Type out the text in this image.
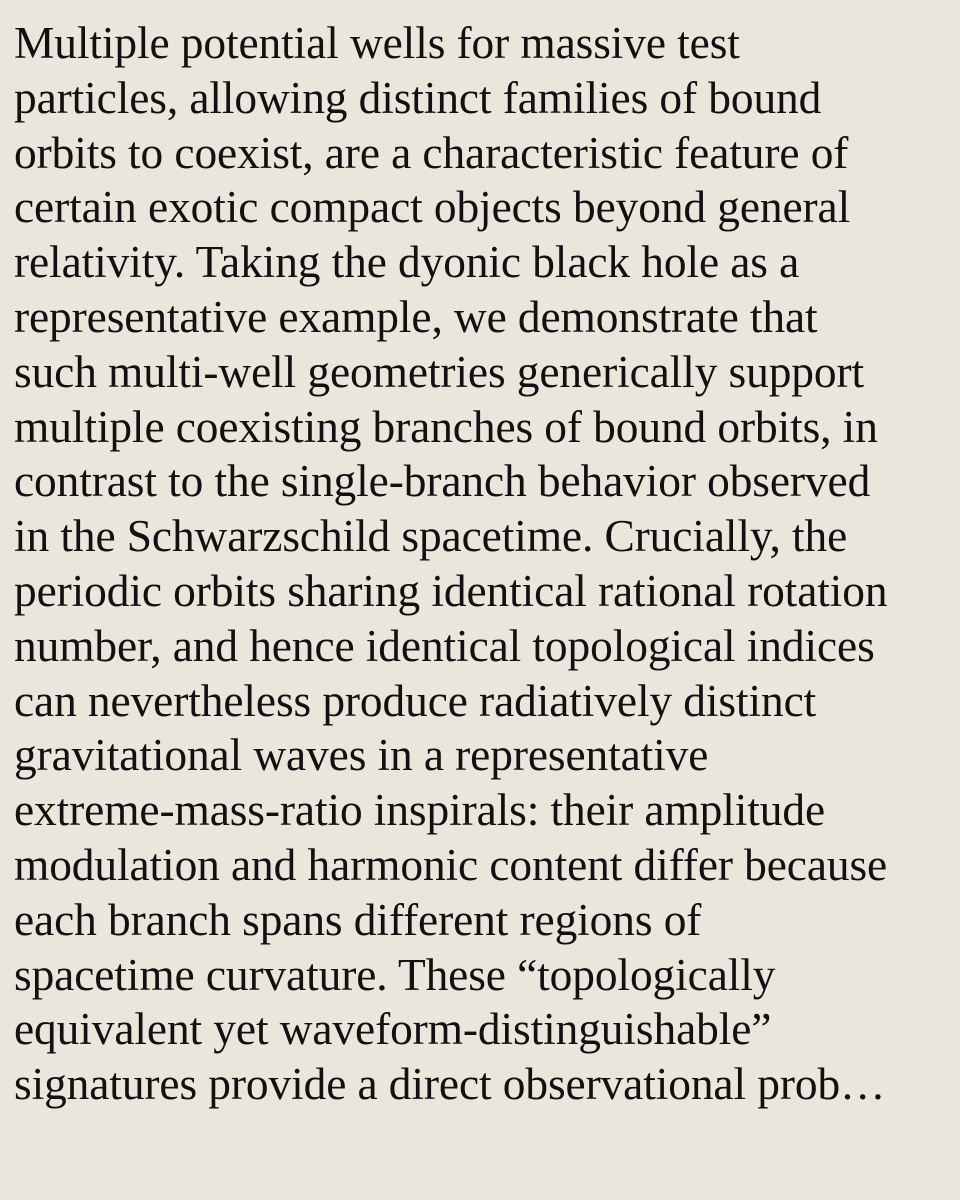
Multiple potential wells for massive test
particles, allowing distinct families of bound
orbits to coexist, are a characteristic feature of
certain exotic compact objects beyond general
relativity. Taking the dyonic black hole as a
representative example, we demonstrate that
such multi-well geometries generically support
multiple coexisting branches of bound orbits, in
contrast to the single-branch behavior observed
in the Schwarzschild spacetime. Crucially, the
periodic orbits sharing identical rational rotation
number, and hence identical topological indices
can nevertheless produce radiatively distinct
gravitational waves in a representative
extreme-mass-ratio inspirals: their amplitude
modulation and harmonic content differ because
each branch spans different regions of
spacetime curvature. These “topologically
equivalent yet waveform-distinguishable”
signatures provide a direct observational prob…
